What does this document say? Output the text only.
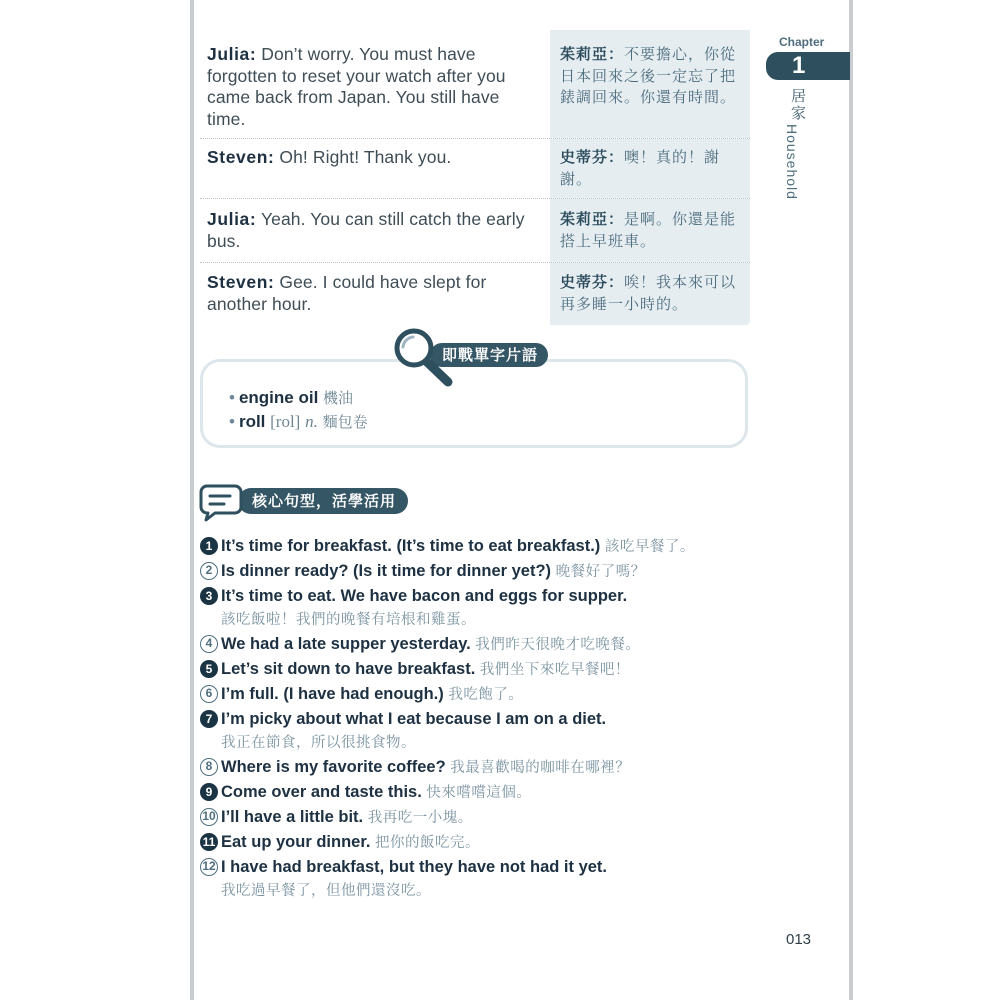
Julia: Don’t worry. You must have forgotten to reset your watch after you came back from Japan. You still have time.
茱莉亞：不要擔心，你從日本回來之後一定忘了把錶調回來。你還有時間。
Steven: Oh! Right! Thank you.	史蒂芬：噢！真的！謝謝。
Julia: Yeah. You can still catch the early bus.
茱莉亞：是啊。你還是能搭上早班車。
Steven: Gee. I could have slept for another hour.
史蒂芬：唉！我本來可以再多睡一小時的。
Chapter
1
居家
Household
• engine oil 機油
• roll [rol] n. 麵包卷
即戰單字片語
核心句型，活學活用
1 It’s time for breakfast. (It’s time to eat breakfast.) 該吃早餐了。
2 Is dinner ready? (Is it time for dinner yet?) 晚餐好了嗎？
3 It’s time to eat. We have bacon and eggs for supper.
該吃飯啦！我們的晚餐有培根和雞蛋。
4 We had a late supper yesterday. 我們昨天很晚才吃晚餐。
5 Let’s sit down to have breakfast. 我們坐下來吃早餐吧！
6 I’m full. (I have had enough.) 我吃飽了。
7 I’m picky about what I eat because I am on a diet.
我正在節食，所以很挑食物。
8 Where is my favorite coffee? 我最喜歡喝的咖啡在哪裡？
9 Come over and taste this. 快來嚐嚐這個。
10 I’ll have a little bit. 我再吃一小塊。
11 Eat up your dinner. 把你的飯吃完。
12 I have had breakfast, but they have not had it yet.
我吃過早餐了，但他們還沒吃。
013
